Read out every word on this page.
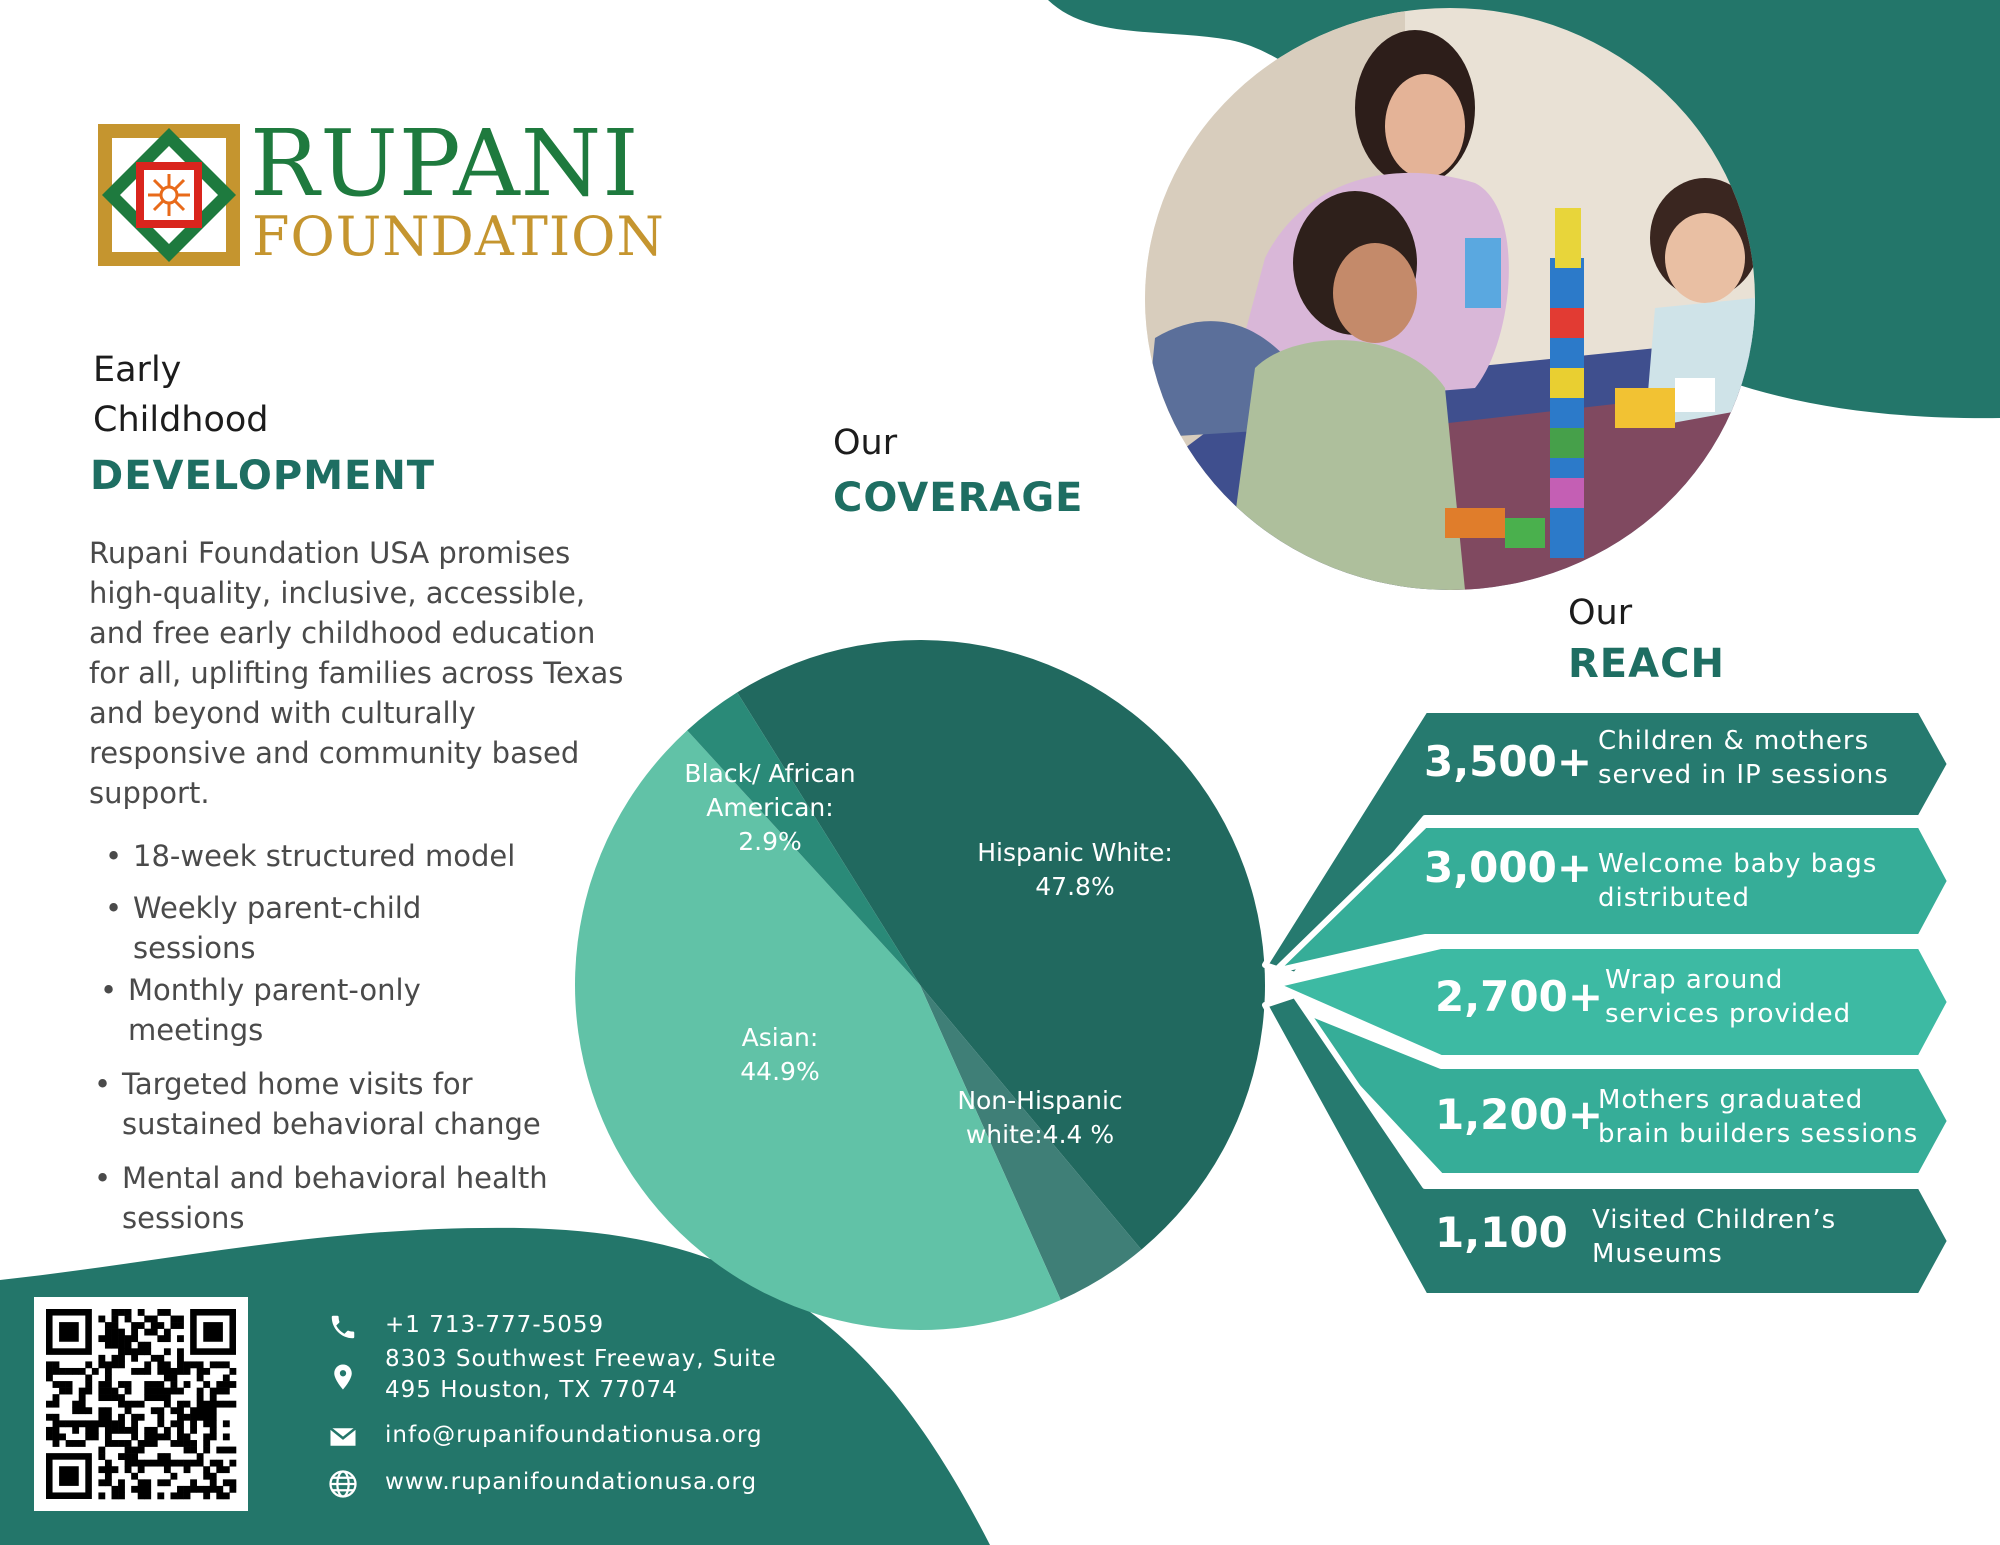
RUPANI
FOUNDATION
Early
Childhood
DEVELOPMENT
Rupani Foundation USA promises
high-quality, inclusive, accessible,
and free early childhood education
for all, uplifting families across Texas
and beyond with culturally
responsive and community based
support.
• 18-week structured model
• Weekly parent-child
sessions
• Monthly parent-only
meetings
• Targeted home visits for
sustained behavioral change
• Mental and behavioral health
sessions
Our
COVERAGE
Black/ African
American:
2.9%	Hispanic White:
47.8%
Asian:
44.9%
Non-Hispanic
white:4.4 %
Our
REACH
3,500+ Children & mothers
served in IP sessions
3,000+ Welcome baby bags
distributed
2,700+ Wrap around
services provided
1,200+
Mothers graduated
brain builders sessions
1,100 Visited Children’s
Museums
+1 713-777-5059
8303 Southwest Freeway, Suite
495 Houston, TX 77074
info@rupanifoundationusa.org
www.rupanifoundationusa.org
